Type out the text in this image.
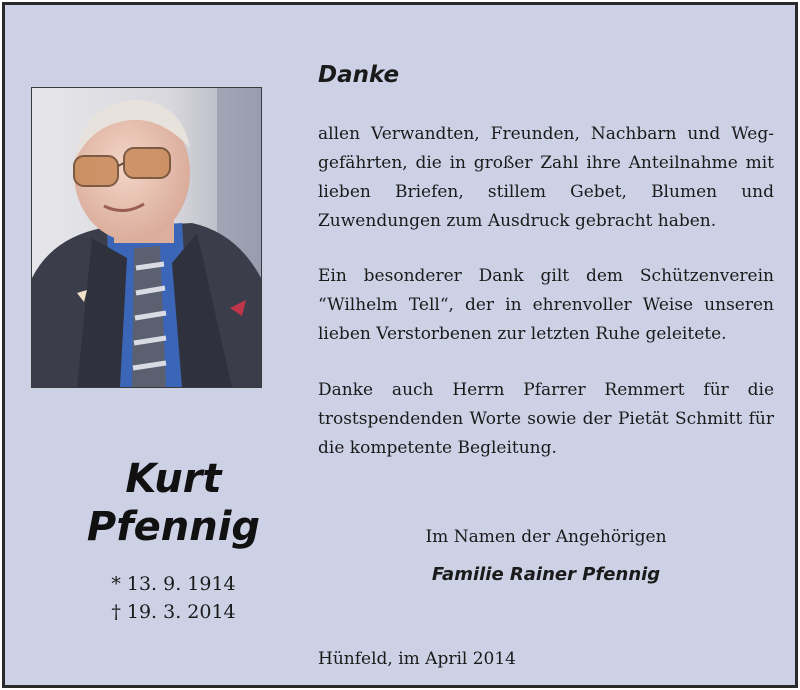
Kurt
Pfennig
* 13. 9. 1914
† 19. 3. 2014
Danke

allen Verwandten, Freunden, Nachbarn und Weg-
gefährten, die in großer Zahl ihre Anteilnahme mit
lieben Briefen, stillem Gebet, Blumen und
Zuwendungen zum Ausdruck gebracht haben.

Ein besonderer Dank gilt dem Schützenverein
“Wilhelm Tell“, der in ehrenvoller Weise unseren
lieben Verstorbenen zur letzten Ruhe geleitete.

Danke auch Herrn Pfarrer Remmert für die
trostspendenden Worte sowie der Pietät Schmitt für
die kompetente Begleitung.

Im Namen der Angehörigen
Familie Rainer Pfennig
Hünfeld, im April 2014
